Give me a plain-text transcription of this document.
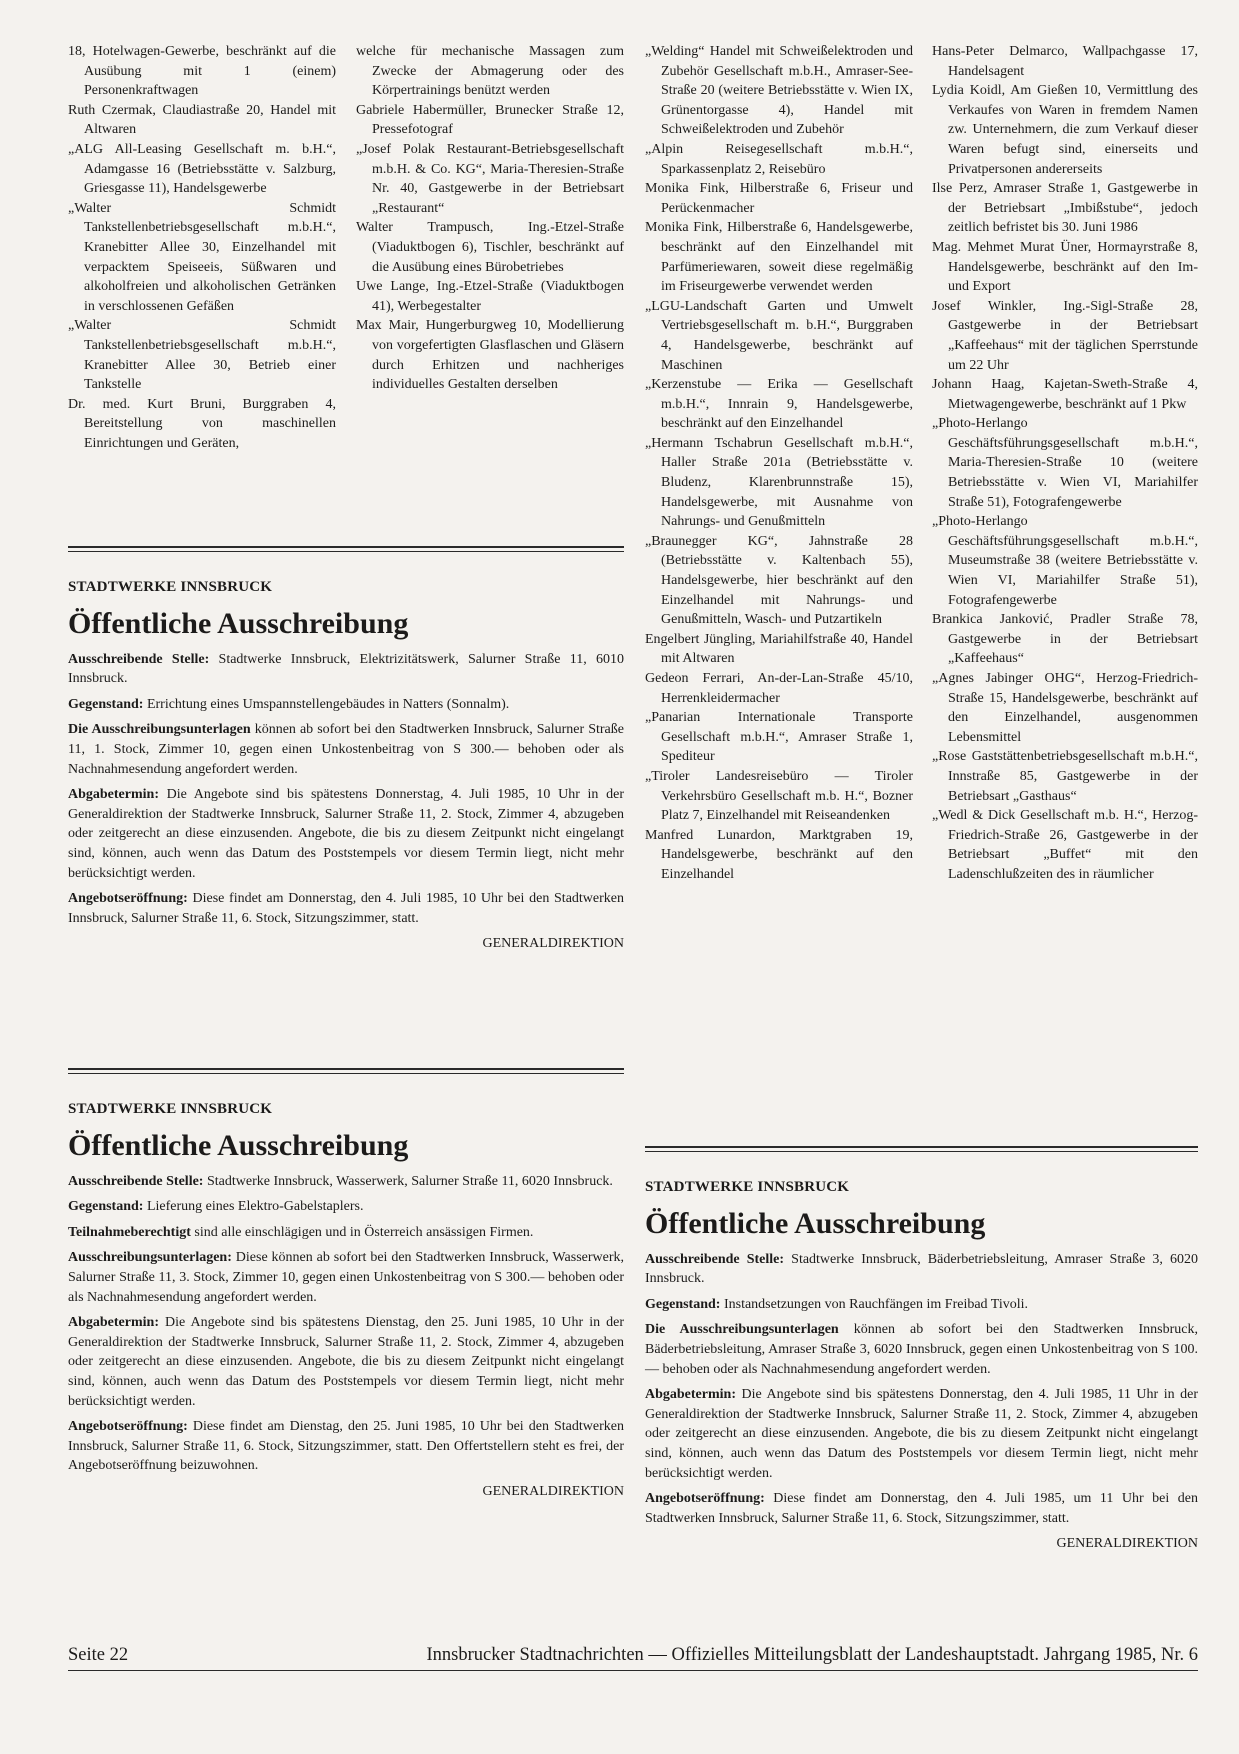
18, Hotelwagen-Gewerbe, beschränkt auf die Ausübung mit 1 (einem) Personenkraftwagen

Ruth Czermak, Claudiastraße 20, Handel mit Altwaren

„ALG All-Leasing Gesellschaft m. b.H.“, Adamgasse 16 (Betriebsstätte v. Salzburg, Griesgasse 11), Handelsgewerbe

„Walter Schmidt Tankstellenbetriebsgesellschaft m.b.H.“, Kranebitter Allee 30, Einzelhandel mit verpacktem Speiseeis, Süßwaren und alkoholfreien und alkoholischen Getränken in verschlossenen Gefäßen

„Walter Schmidt Tankstellenbetriebsgesellschaft m.b.H.“, Kranebitter Allee 30, Betrieb einer Tankstelle

Dr. med. Kurt Bruni, Burggraben 4, Bereitstellung von maschinellen Einrichtungen und Geräten,

welche für mechanische Massagen zum Zwecke der Abmagerung oder des Körpertrainings benützt werden

Gabriele Habermüller, Brunecker Straße 12, Pressefotograf

„Josef Polak Restaurant-Betriebsgesellschaft m.b.H. & Co. KG“, Maria-Theresien-Straße Nr. 40, Gastgewerbe in der Betriebsart „Restaurant“

Walter Trampusch, Ing.-Etzel-Straße (Viaduktbogen 6), Tischler, beschränkt auf die Ausübung eines Bürobetriebes

Uwe Lange, Ing.-Etzel-Straße (Viaduktbogen 41), Werbegestalter

Max Mair, Hungerburgweg 10, Modellierung von vorgefertigten Glasflaschen und Gläsern durch Erhitzen und nachheriges individuelles Gestalten derselben

„Welding“ Handel mit Schweißelektroden und Zubehör Gesellschaft m.b.H., Amraser-See-Straße 20 (weitere Betriebsstätte v. Wien IX, Grünentorgasse 4), Handel mit Schweißelektroden und Zubehör

„Alpin Reisegesellschaft m.b.H.“, Sparkassenplatz 2, Reisebüro

Monika Fink, Hilberstraße 6, Friseur und Perückenmacher

Monika Fink, Hilberstraße 6, Handelsgewerbe, beschränkt auf den Einzelhandel mit Parfümeriewaren, soweit diese regelmäßig im Friseurgewerbe verwendet werden

„LGU-Landschaft Garten und Umwelt Vertriebsgesellschaft m. b.H.“, Burggraben 4, Handelsgewerbe, beschränkt auf Maschinen

„Kerzenstube — Erika — Gesellschaft m.b.H.“, Innrain 9, Handelsgewerbe, beschränkt auf den Einzelhandel

„Hermann Tschabrun Gesellschaft m.b.H.“, Haller Straße 201a (Betriebsstätte v. Bludenz, Klarenbrunnstraße 15), Handelsgewerbe, mit Ausnahme von Nahrungs- und Genußmitteln

„Braunegger KG“, Jahnstraße 28 (Betriebsstätte v. Kaltenbach 55), Handelsgewerbe, hier beschränkt auf den Einzelhandel mit Nahrungs- und Genußmitteln, Wasch- und Putzartikeln

Engelbert Jüngling, Mariahilfstraße 40, Handel mit Altwaren

Gedeon Ferrari, An-der-Lan-Straße 45/10, Herrenkleidermacher

„Panarian Internationale Transporte Gesellschaft m.b.H.“, Amraser Straße 1, Spediteur

„Tiroler Landesreisebüro — Tiroler Verkehrsbüro Gesellschaft m.b. H.“, Bozner Platz 7, Einzelhandel mit Reiseandenken

Manfred Lunardon, Marktgraben 19, Handelsgewerbe, beschränkt auf den Einzelhandel

Hans-Peter Delmarco, Wallpachgasse 17, Handelsagent

Lydia Koidl, Am Gießen 10, Vermittlung des Verkaufes von Waren in fremdem Namen zw. Unternehmern, die zum Verkauf dieser Waren befugt sind, einerseits und Privatpersonen andererseits

Ilse Perz, Amraser Straße 1, Gastgewerbe in der Betriebsart „Imbißstube“, jedoch zeitlich befristet bis 30. Juni 1986

Mag. Mehmet Murat Üner, Hormayrstraße 8, Handelsgewerbe, beschränkt auf den Im- und Export

Josef Winkler, Ing.-Sigl-Straße 28, Gastgewerbe in der Betriebsart „Kaffeehaus“ mit der täglichen Sperrstunde um 22 Uhr

Johann Haag, Kajetan-Sweth-Straße 4, Mietwagengewerbe, beschränkt auf 1 Pkw

„Photo-Herlango Geschäftsführungsgesellschaft m.b.H.“, Maria-Theresien-Straße 10 (weitere Betriebsstätte v. Wien VI, Mariahilfer Straße 51), Fotografengewerbe

„Photo-Herlango Geschäftsführungsgesellschaft m.b.H.“, Museumstraße 38 (weitere Betriebsstätte v. Wien VI, Mariahilfer Straße 51), Fotografengewerbe

Brankica Janković, Pradler Straße 78, Gastgewerbe in der Betriebsart „Kaffeehaus“

„Agnes Jabinger OHG“, Herzog-Friedrich-Straße 15, Handelsgewerbe, beschränkt auf den Einzelhandel, ausgenommen Lebensmittel

„Rose Gaststättenbetriebsgesellschaft m.b.H.“, Innstraße 85, Gastgewerbe in der Betriebsart „Gasthaus“

„Wedl & Dick Gesellschaft m.b. H.“, Herzog-Friedrich-Straße 26, Gastgewerbe in der Betriebsart „Buffet“ mit den Ladenschlußzeiten des in räumlicher

STADTWERKE INNSBRUCK
Öffentliche Ausschreibung

Ausschreibende Stelle: Stadtwerke Innsbruck, Elektrizitätswerk, Salurner Straße 11, 6010 Innsbruck.

Gegenstand: Errichtung eines Umspannstellengebäudes in Natters (Sonnalm).

Die Ausschreibungsunterlagen können ab sofort bei den Stadtwerken Innsbruck, Salurner Straße 11, 1. Stock, Zimmer 10, gegen einen Unkostenbeitrag von S 300.— behoben oder als Nachnahmesendung angefordert werden.

Abgabetermin: Die Angebote sind bis spätestens Donnerstag, 4. Juli 1985, 10 Uhr in der Generaldirektion der Stadtwerke Innsbruck, Salurner Straße 11, 2. Stock, Zimmer 4, abzugeben oder zeitgerecht an diese einzusenden. Angebote, die bis zu diesem Zeitpunkt nicht eingelangt sind, können, auch wenn das Datum des Poststempels vor diesem Termin liegt, nicht mehr berücksichtigt werden.

Angebotseröffnung: Diese findet am Donnerstag, den 4. Juli 1985, 10 Uhr bei den Stadtwerken Innsbruck, Salurner Straße 11, 6. Stock, Sitzungszimmer, statt.

GENERALDIREKTION
STADTWERKE INNSBRUCK
Öffentliche Ausschreibung

Ausschreibende Stelle: Stadtwerke Innsbruck, Wasserwerk, Salurner Straße 11, 6020 Innsbruck.

Gegenstand: Lieferung eines Elektro-Gabelstaplers.

Teilnahmeberechtigt sind alle einschlägigen und in Österreich ansässigen Firmen.

Ausschreibungsunterlagen: Diese können ab sofort bei den Stadtwerken Innsbruck, Wasserwerk, Salurner Straße 11, 3. Stock, Zimmer 10, gegen einen Unkostenbeitrag von S 300.— behoben oder als Nachnahmesendung angefordert werden.

Abgabetermin: Die Angebote sind bis spätestens Dienstag, den 25. Juni 1985, 10 Uhr in der Generaldirektion der Stadtwerke Innsbruck, Salurner Straße 11, 2. Stock, Zimmer 4, abzugeben oder zeitgerecht an diese einzusenden. Angebote, die bis zu diesem Zeitpunkt nicht eingelangt sind, können, auch wenn das Datum des Poststempels vor diesem Termin liegt, nicht mehr berücksichtigt werden.

Angebotseröffnung: Diese findet am Dienstag, den 25. Juni 1985, 10 Uhr bei den Stadtwerken Innsbruck, Salurner Straße 11, 6. Stock, Sitzungszimmer, statt. Den Offertstellern steht es frei, der Angebotseröffnung beizuwohnen.

GENERALDIREKTION
STADTWERKE INNSBRUCK
Öffentliche Ausschreibung

Ausschreibende Stelle: Stadtwerke Innsbruck, Bäderbetriebsleitung, Amraser Straße 3, 6020 Innsbruck.

Gegenstand: Instandsetzungen von Rauchfängen im Freibad Tivoli.

Die Ausschreibungsunterlagen können ab sofort bei den Stadtwerken Innsbruck, Bäderbetriebsleitung, Amraser Straße 3, 6020 Innsbruck, gegen einen Unkostenbeitrag von S 100.— behoben oder als Nachnahmesendung angefordert werden.

Abgabetermin: Die Angebote sind bis spätestens Donnerstag, den 4. Juli 1985, 11 Uhr in der Generaldirektion der Stadtwerke Innsbruck, Salurner Straße 11, 2. Stock, Zimmer 4, abzugeben oder zeitgerecht an diese einzusenden. Angebote, die bis zu diesem Zeitpunkt nicht eingelangt sind, können, auch wenn das Datum des Poststempels vor diesem Termin liegt, nicht mehr berücksichtigt werden.

Angebotseröffnung: Diese findet am Donnerstag, den 4. Juli 1985, um 11 Uhr bei den Stadtwerken Innsbruck, Salurner Straße 11, 6. Stock, Sitzungszimmer, statt.

GENERALDIREKTION
Seite 22	Innsbrucker Stadtnachrichten — Offizielles Mitteilungsblatt der Landeshauptstadt. Jahrgang 1985, Nr. 6
